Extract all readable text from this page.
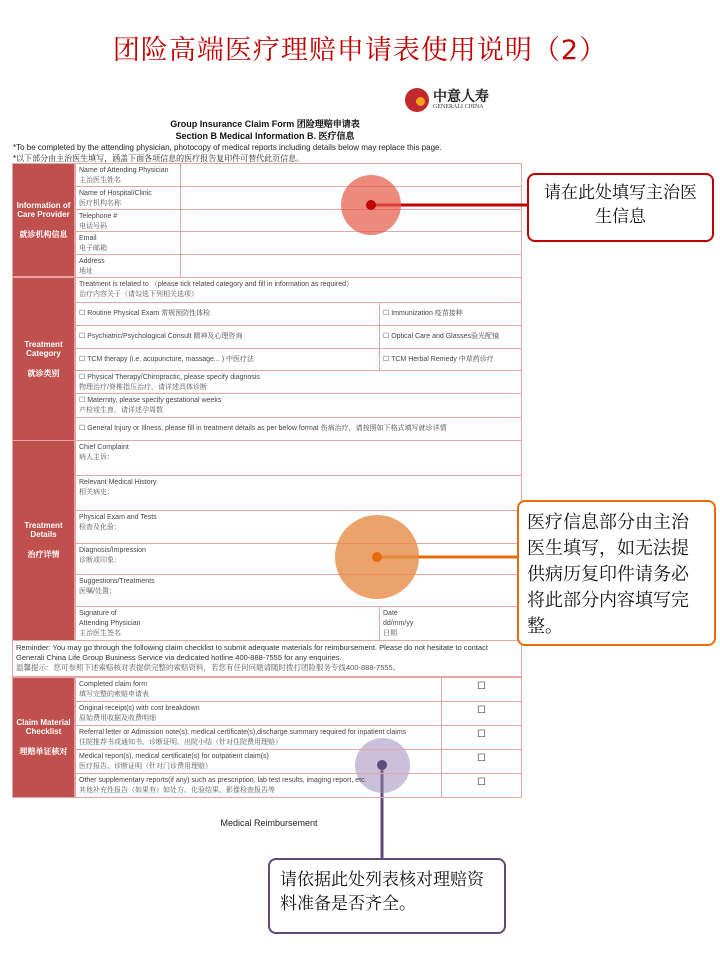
团险高端医疗理赔申请表使用说明（2）
中意人寿
GENERALI CHINA
Group Insurance Claim Form 团险理赔申请表
Section B Medical Information B. 医疗信息
*To be completed by the attending physician, photocopy of medical reports including details below may replace this page.
*以下部分由主治医生填写，涵盖下面各项信息的医疗报告复印件可替代此页信息。
Information of Care Provider
就诊机构信息
Name of Attending Physician
主治医生姓名
Name of Hospital/Clinic
医疗机构名称
Telephone #
电话号码
Email
电子邮箱
Address
地址
Treatment Category
就诊类别
Treatment is related to （please tick related category and fill in information as required）
治疗内容关于（请勾选下列相关选项）
☐ Routine Physical Exam 常规预防性体检	☐ Immunization 疫苗接种
☐ Psychiatric/Psychological Consult 精神及心理咨询	☐ Optical Care and Glasses验光配镜
☐ TCM therapy (i.e. acupuncture, massage... ) 中医疗法	☐ TCM Herbal Remedy 中草药诊疗
☐ Physical Therapy/Chiropractic, please specify diagnosis
物理治疗/脊椎指压治疗，请详述具体诊断
☐ Maternity, please specify gestational weeks
产检或生育，请详述孕周数
☐ General Injury or Illness, please fill in treatment details as per below format 伤病治疗，请按照如下格式填写就诊详情
Treatment Details
治疗详情
Chief Complaint
病人主诉：
Relevant Medical History
相关病史：
Physical Exam and Tests
检查及化验：
Diagnosis/Impression
诊断或印象：
Suggestions/Treatments
医嘱/处置：
Signature of
Attending Physician
主治医生签名
Date
dd/mm/yy
日期
Reminder: You may go through the following claim checklist to submit adequate materials for reimbursement. Please do not hesitate to contact Generali China Life Group Business Service via dedicated hotline 400-888-7555 for any enquiries.
温馨提示：您可参照下述索赔核对表提供完整的索赔资料，若您有任何问题请随时拨打团险服务专线400-888-7555。
Claim Material Checklist
理赔单证核对
Completed claim form
填写完整的索赔申请表
☐
Original receipt(s) with cost breakdown
原始费用收据及收费明细
☐
Referral letter or Admission note(s), medical certificate(s),discharge summary required for inpatient claims
住院推荐书或通知书、诊断证明、出院小结（针对住院费用理赔）
☐
Medical report(s), medical certificate(s) for outpatient claim(s)
医疗报告、诊断证明（针对门诊费用理赔）
☐
Other supplementary reports(if any) such as prescription, lab test results, imaging report, etc.
其他补充性报告（如果有）如处方、化验结果、影像检查报告等
☐
Medical Reimbursement
请在此处填写主治医生信息
医疗信息部分由主治医生填写，如无法提供病历复印件请务必将此部分内容填写完整。
请依据此处列表核对理赔资料准备是否齐全。
